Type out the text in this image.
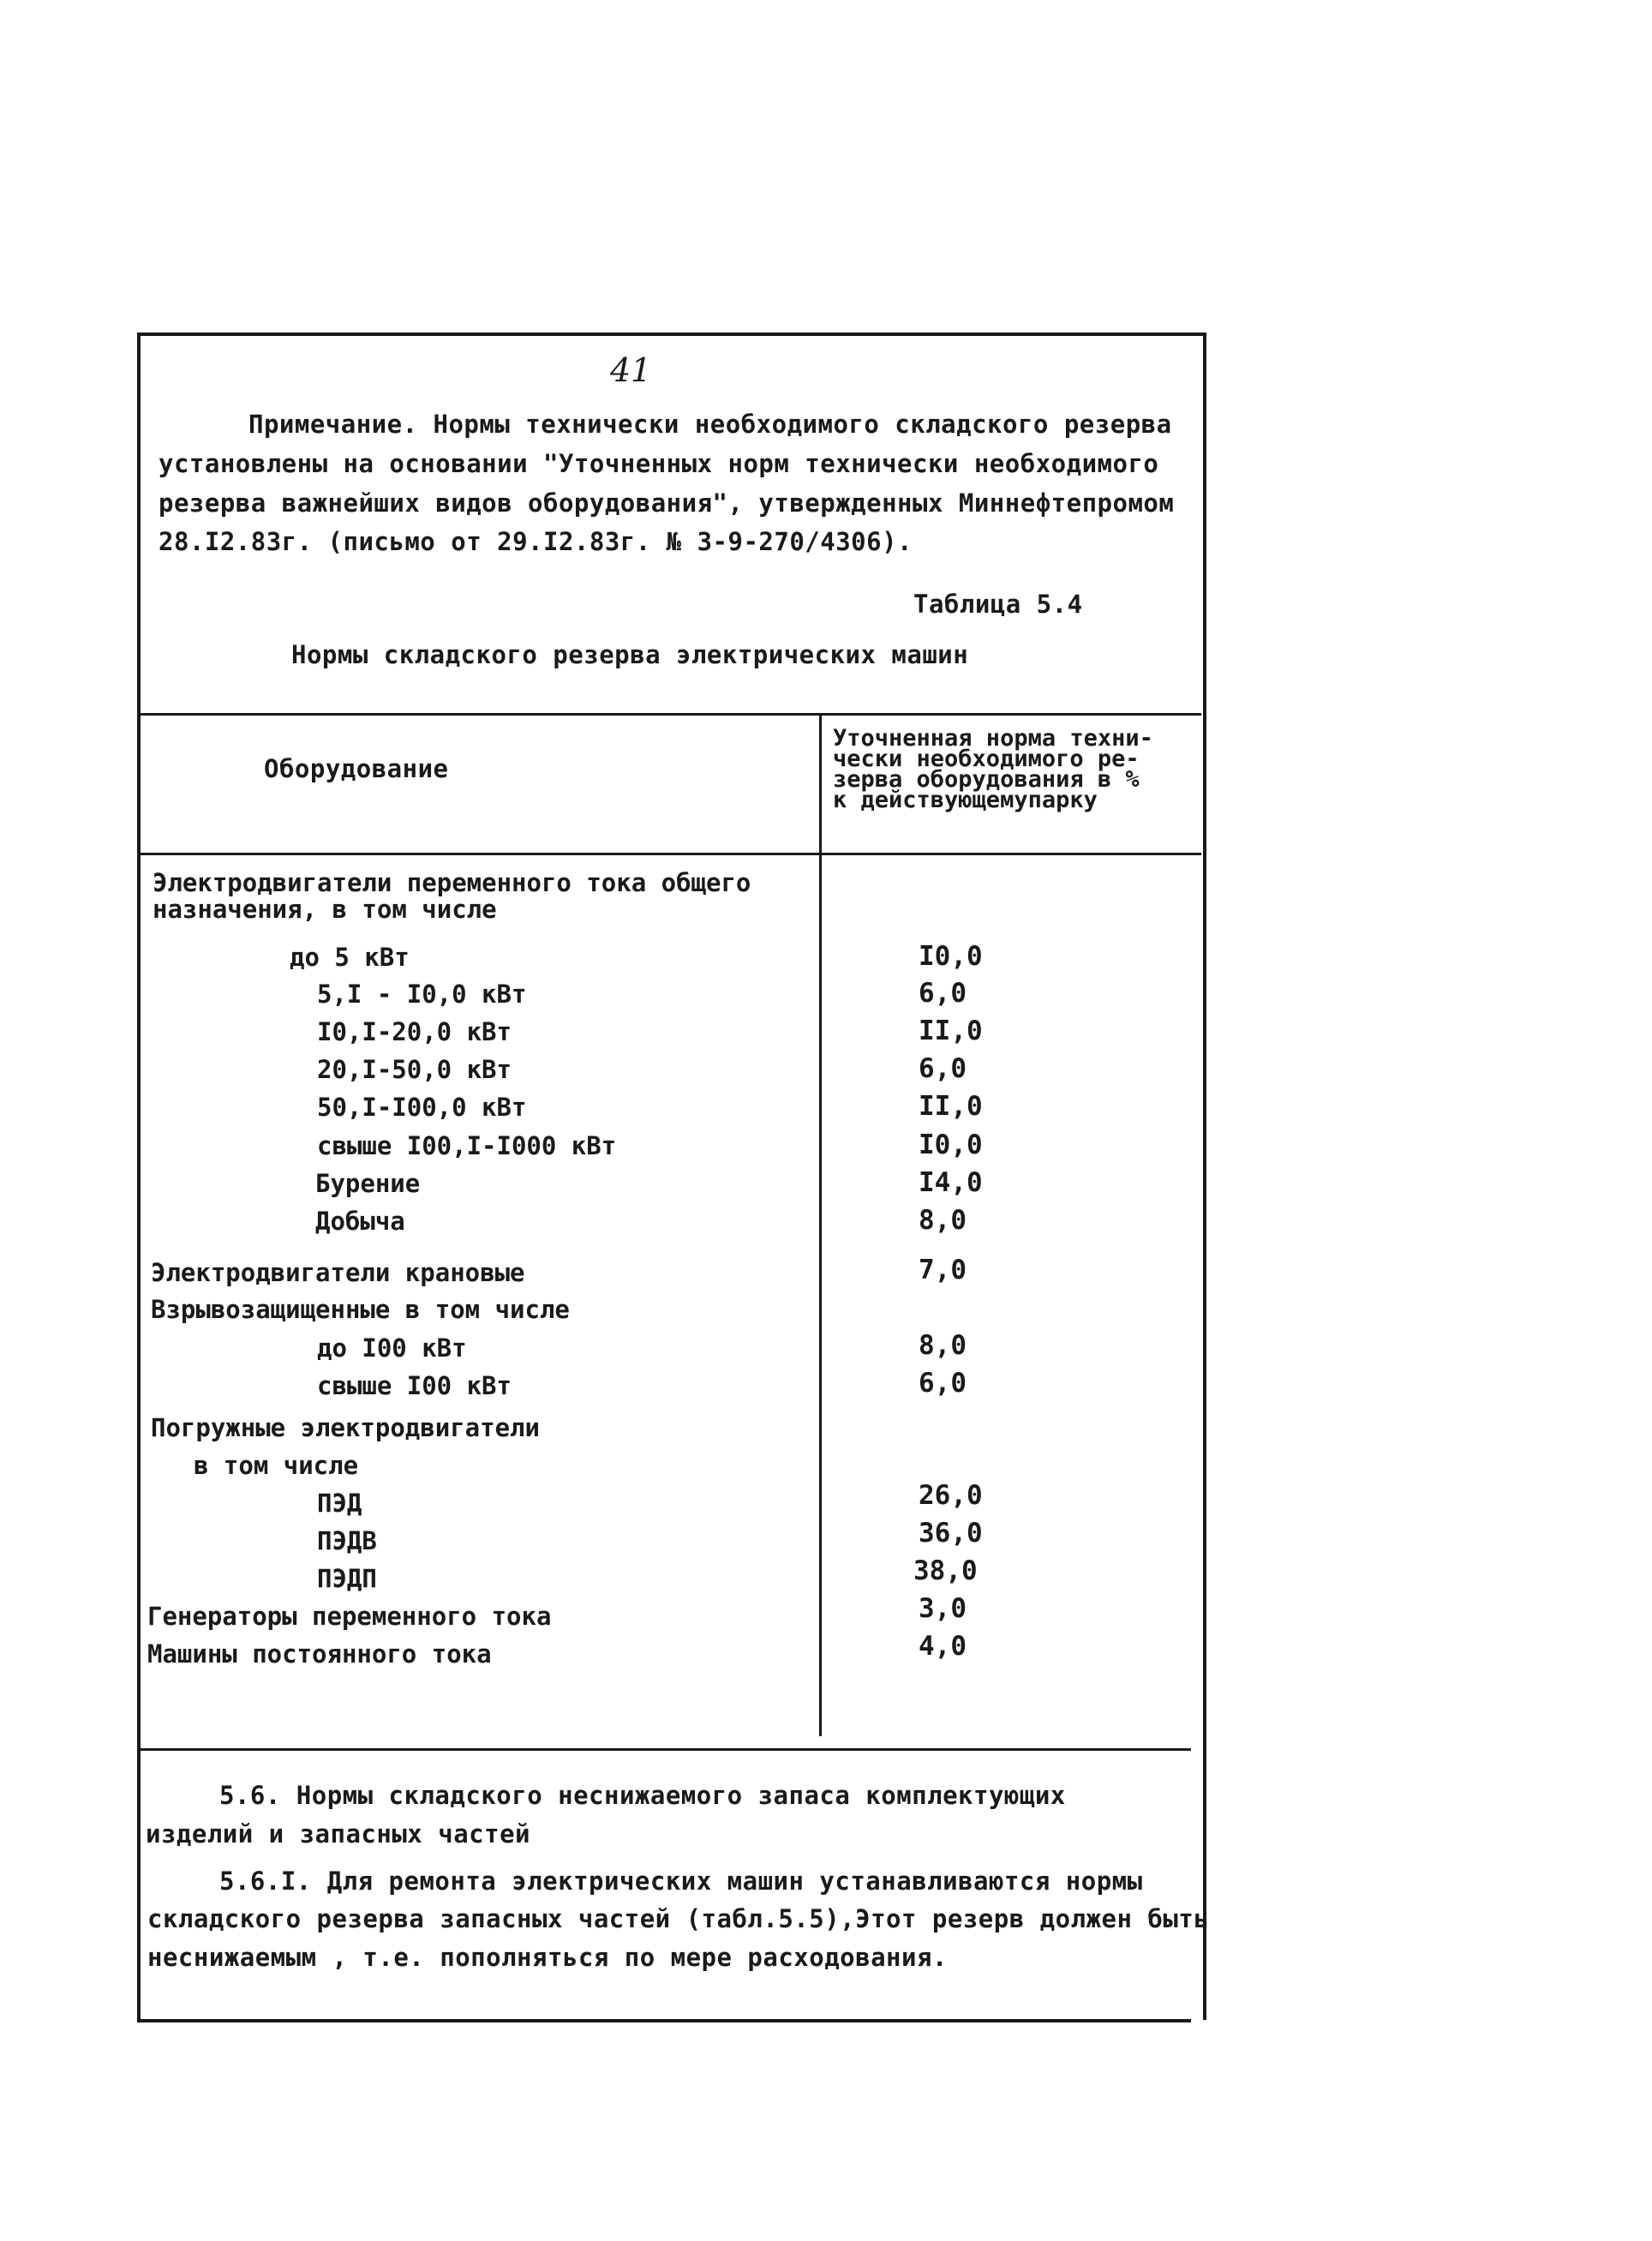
41
Примечание. Нормы технически необходимого складского резерва
установлены на основании "Уточненных норм технически необходимого
резерва важнейших видов оборудования", утвержденных Миннефтепромом
28.I2.83г. (письмо от 29.I2.83г. № 3-9-270/4306).
Таблица 5.4
Нормы складского резерва электрических машин
Оборудование
Уточненная норма техни-
чески необходимого ре-
зерва оборудования в %
к действующемупарку
Электродвигатели переменного тока общего
назначения, в том числе
до 5 кВт	I0,0
5,I - I0,0 кВт	6,0
I0,I-20,0 кВт	II,0
20,I-50,0 кВт	6,0
50,I-I00,0 кВт	II,0
свыше I00,I-I000 кВт	I0,0
Бурение	I4,0
Добыча	8,0
Электродвигатели крановые	7,0
Взрывозащищенные в том числе
до I00 кВт	8,0
свыше I00 кВт	6,0
Погружные электродвигатели
в том числе
ПЭД	26,0
ПЭДВ	36,0
ПЭДП	38,0
Генераторы переменного тока	3,0
Машины постоянного тока	4,0
5.6. Нормы складского неснижаемого запаса комплектующих
изделий и запасных частей
5.6.I. Для ремонта электрических машин устанавливаются нормы
складского резерва запасных частей (табл.5.5),Этот резерв должен быть
неснижаемым , т.е. пополняться по мере расходования.
